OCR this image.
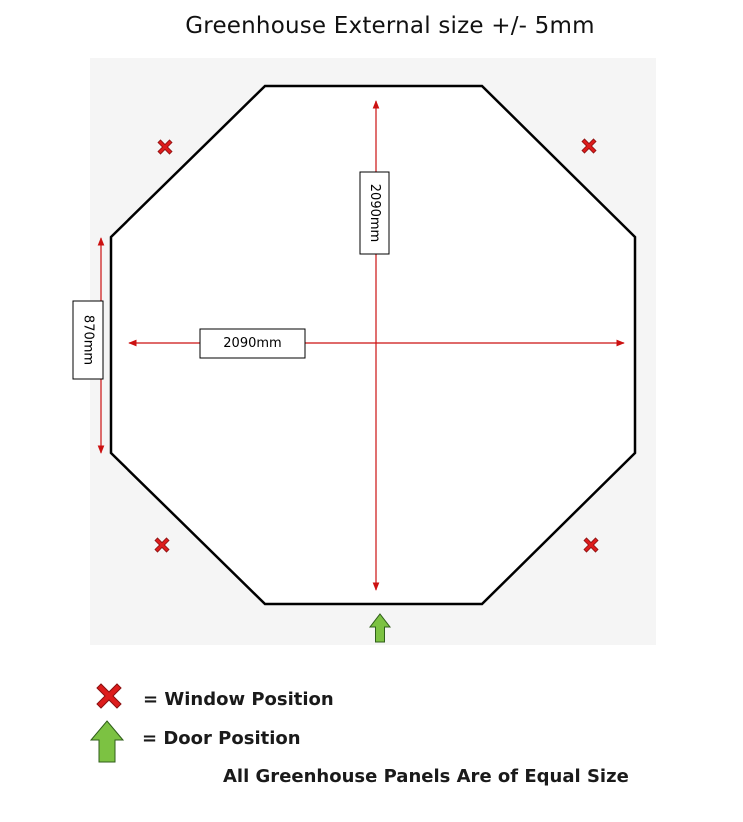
Greenhouse External size +/- 5mm
2090mm
2090mm
870mm
= Window Position
= Door Position
All Greenhouse Panels Are of Equal Size
